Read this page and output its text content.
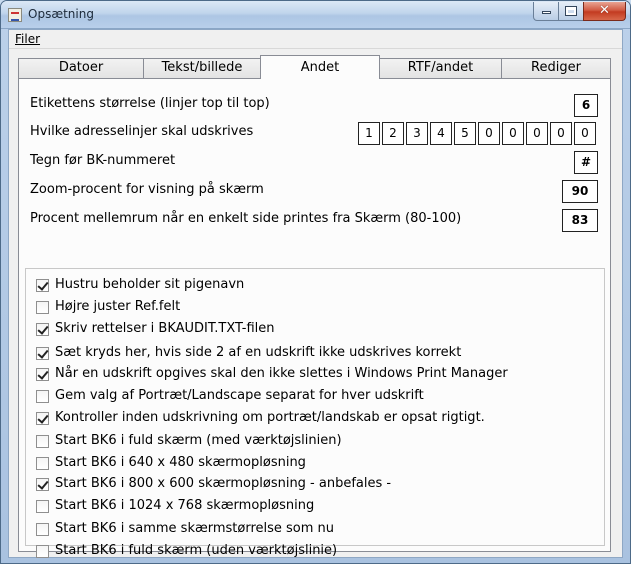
Opsætning	✕
Filer
Datoer	Tekst/billede	Andet	RTF/andet	Rediger
Etikettens størrelse (linjer top til top)	6
Hvilke adresselinjer skal udskrives	1	2	3	4	5	0	0	0	0	0
Tegn før BK-nummeret	#
Zoom-procent for visning på skærm	90
Procent mellemrum når en enkelt side printes fra Skærm (80-100)	83
Hustru beholder sit pigenavn
Højre juster Ref.felt
Skriv rettelser i BKAUDIT.TXT-filen
Sæt kryds her, hvis side 2 af en udskrift ikke udskrives korrekt
Når en udskrift opgives skal den ikke slettes i Windows Print Manager
Gem valg af Portræt/Landscape separat for hver udskrift
Kontroller inden udskrivning om portræt/landskab er opsat rigtigt.
Start BK6 i fuld skærm (med værktøjslinien)
Start BK6 i 640 x 480 skærmopløsning
Start BK6 i 800 x 600 skærmopløsning - anbefales -
Start BK6 i 1024 x 768 skærmopløsning
Start BK6 i samme skærmstørrelse som nu
Start BK6 i fuld skærm (uden værktøjslinie)
